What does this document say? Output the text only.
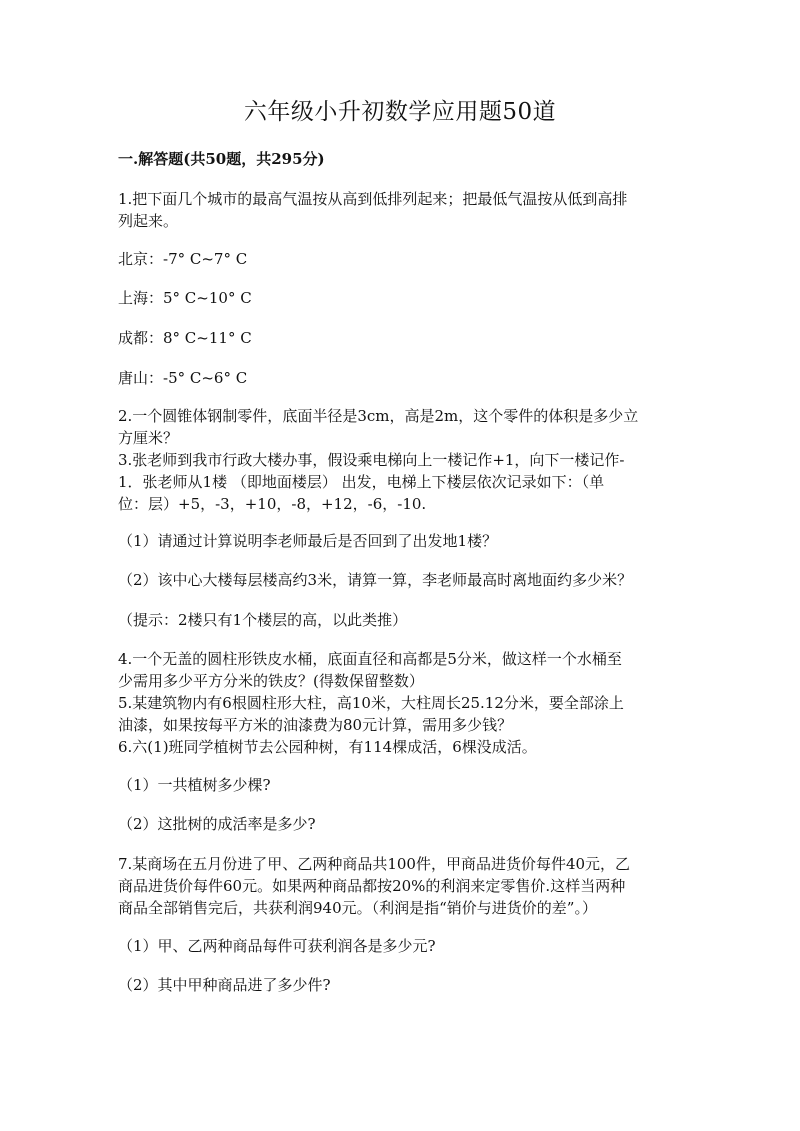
六年级小升初数学应用题50道
一.解答题(共50题，共295分)

1.把下面几个城市的最高气温按从高到低排列起来；把最低气温按从低到高排

列起来。

北京：-7° C~7° C

上海：5° C~10° C

成都：8° C~11° C

唐山：-5° C~6° C

2.一个圆锥体钢制零件，底面半径是3cm，高是2m，这个零件的体积是多少立

方厘米？

3.张老师到我市行政大楼办事，假设乘电梯向上一楼记作+1，向下一楼记作-

1．张老师从1楼 （即地面楼层） 出发，电梯上下楼层依次记录如下：（单

位：层）+5，-3，+10，-8，+12，-6，-10.

（1）请通过计算说明李老师最后是否回到了出发地1楼？

（2）该中心大楼每层楼高约3米，请算一算，李老师最高时离地面约多少米？

（提示：2楼只有1个楼层的高，以此类推）

4.一个无盖的圆柱形铁皮水桶，底面直径和高都是5分米，做这样一个水桶至

少需用多少平方分米的铁皮？(得数保留整数）

5.某建筑物内有6根圆柱形大柱，高10米，大柱周长25.12分米，要全部涂上

油漆，如果按每平方米的油漆费为80元计算，需用多少钱？

6.六(1)班同学植树节去公园种树，有114棵成活，6棵没成活。

（1）一共植树多少棵?

（2）这批树的成活率是多少?

7.某商场在五月份进了甲、乙两种商品共100件，甲商品进货价每件40元，乙

商品进货价每件60元。如果两种商品都按20%的利润来定零售价.这样当两种

商品全部销售完后，共获利润940元。（利润是指“销价与进货价的差”。）

（1）甲、乙两种商品每件可获利润各是多少元?

（2）其中甲种商品进了多少件?
